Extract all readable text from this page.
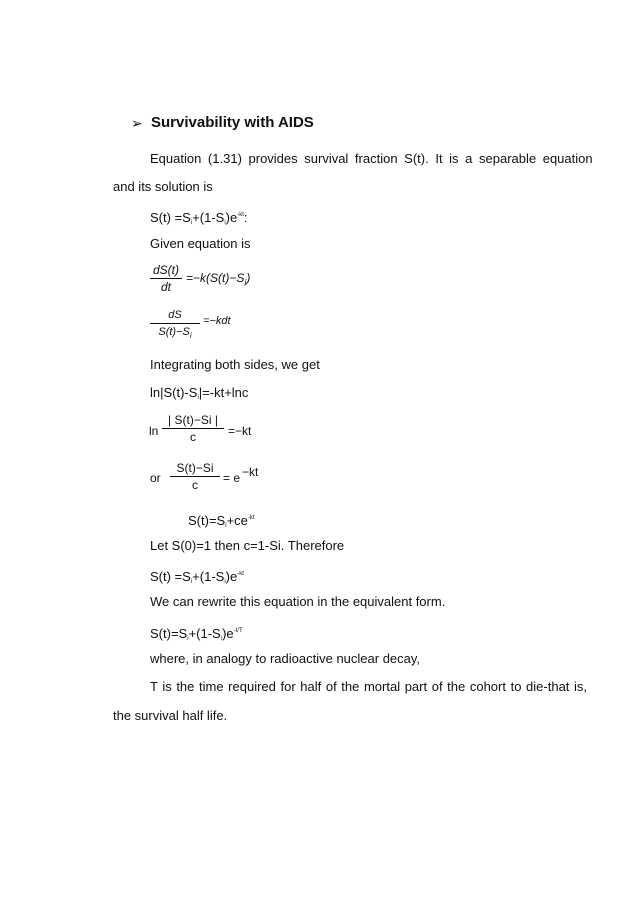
➢ Survivability with AIDS
Equation (1.31) provides survival fraction S(t). It is a separable equation
and its solution is
$S(t) =S_i+(1-S_i)e^{-kt}$:
Given equation is
dS(t)
dt
$=-k(S(t)-S_i)$
dS
$S(t)-S_i$
=−kdt
Integrating both sides, we get
$\ln|S(t)-S_i|=-kt+\ln c$
ln
| S(t)−Si |
c	=−kt
or
S(t)−Si
c	= e −kt
$S(t)=S_i+ce^{-kt}$
Let S(0)=1 then c=1-Si. Therefore
$S(t) =S_i+(1-S_i)e^{-kt}$
We can rewrite this equation in the equivalent form.
$S(t)=S_i+(1-S_i)e^{-t/T}$
where, in analogy to radioactive nuclear decay,
T is the time required for half of the mortal part of the cohort to die-that is,
the survival half life.
